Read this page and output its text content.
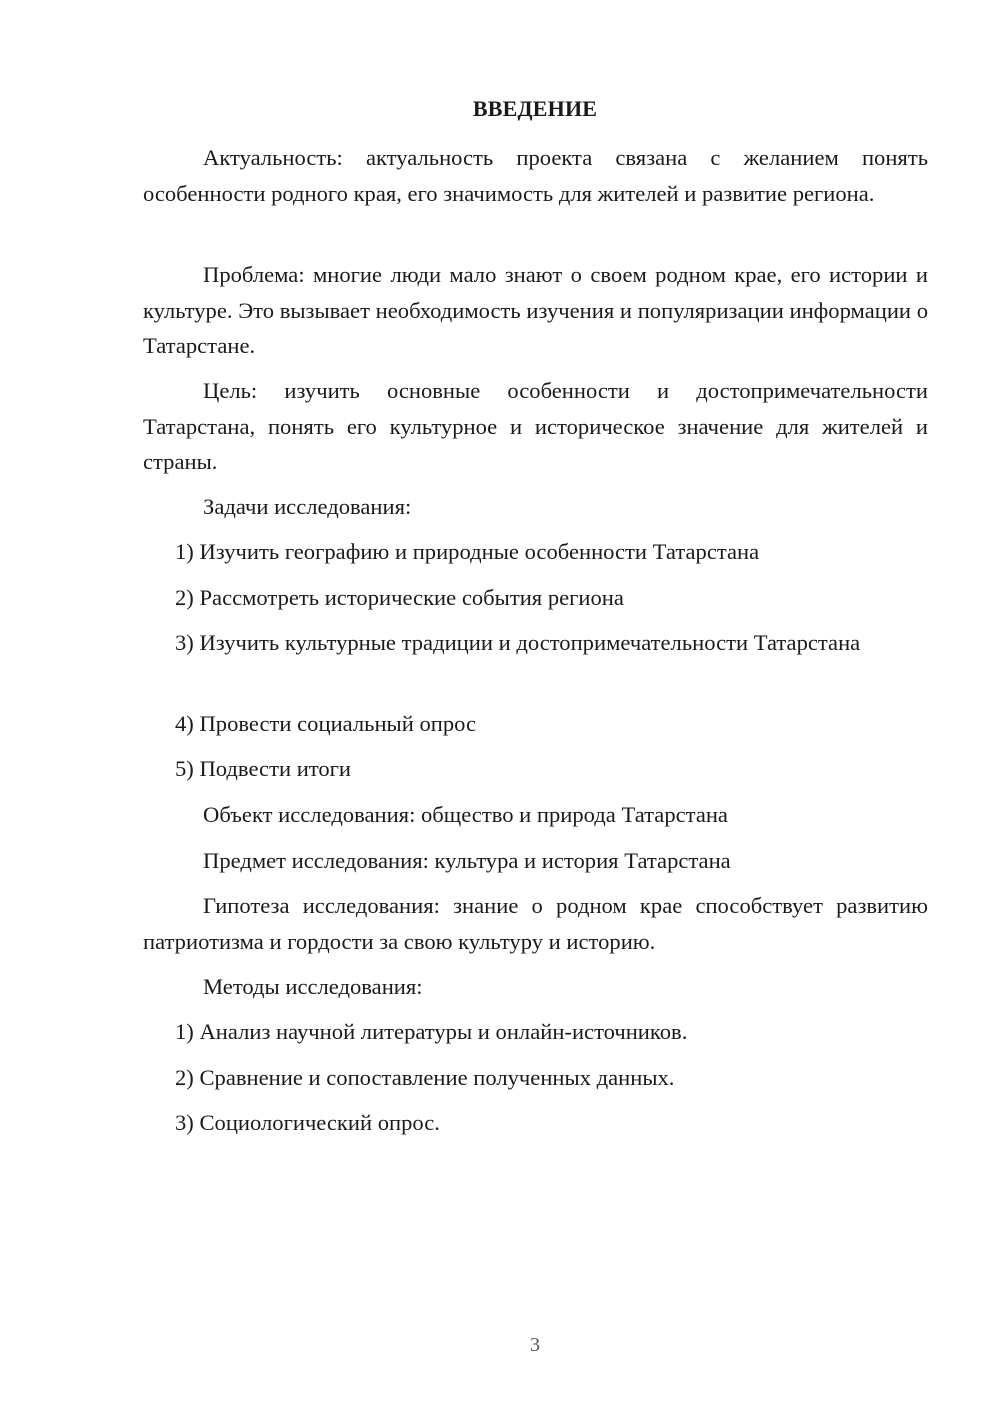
ВВЕДЕНИЕ
Актуальность: актуальность проекта связана с желанием понять особенности родного края, его значимость для жителей и развитие региона.
Проблема: многие люди мало знают о своем родном крае, его истории и культуре. Это вызывает необходимость изучения и популяризации информации о Татарстане.
Цель: изучить основные особенности и достопримечательности Татарстана, понять его культурное и историческое значение для жителей и страны.
Задачи исследования:
1) Изучить географию и природные особенности Татарстана
2) Рассмотреть исторические события региона
3) Изучить культурные традиции и достопримечательности Татарстана
4) Провести социальный опрос
5) Подвести итоги
Объект исследования: общество и природа Татарстана
Предмет исследования: культура и история Татарстана
Гипотеза исследования: знание о родном крае способствует развитию патриотизма и гордости за свою культуру и историю.
Методы исследования:
1) Анализ научной литературы и онлайн-источников.
2) Сравнение и сопоставление полученных данных.
3) Социологический опрос.
3
